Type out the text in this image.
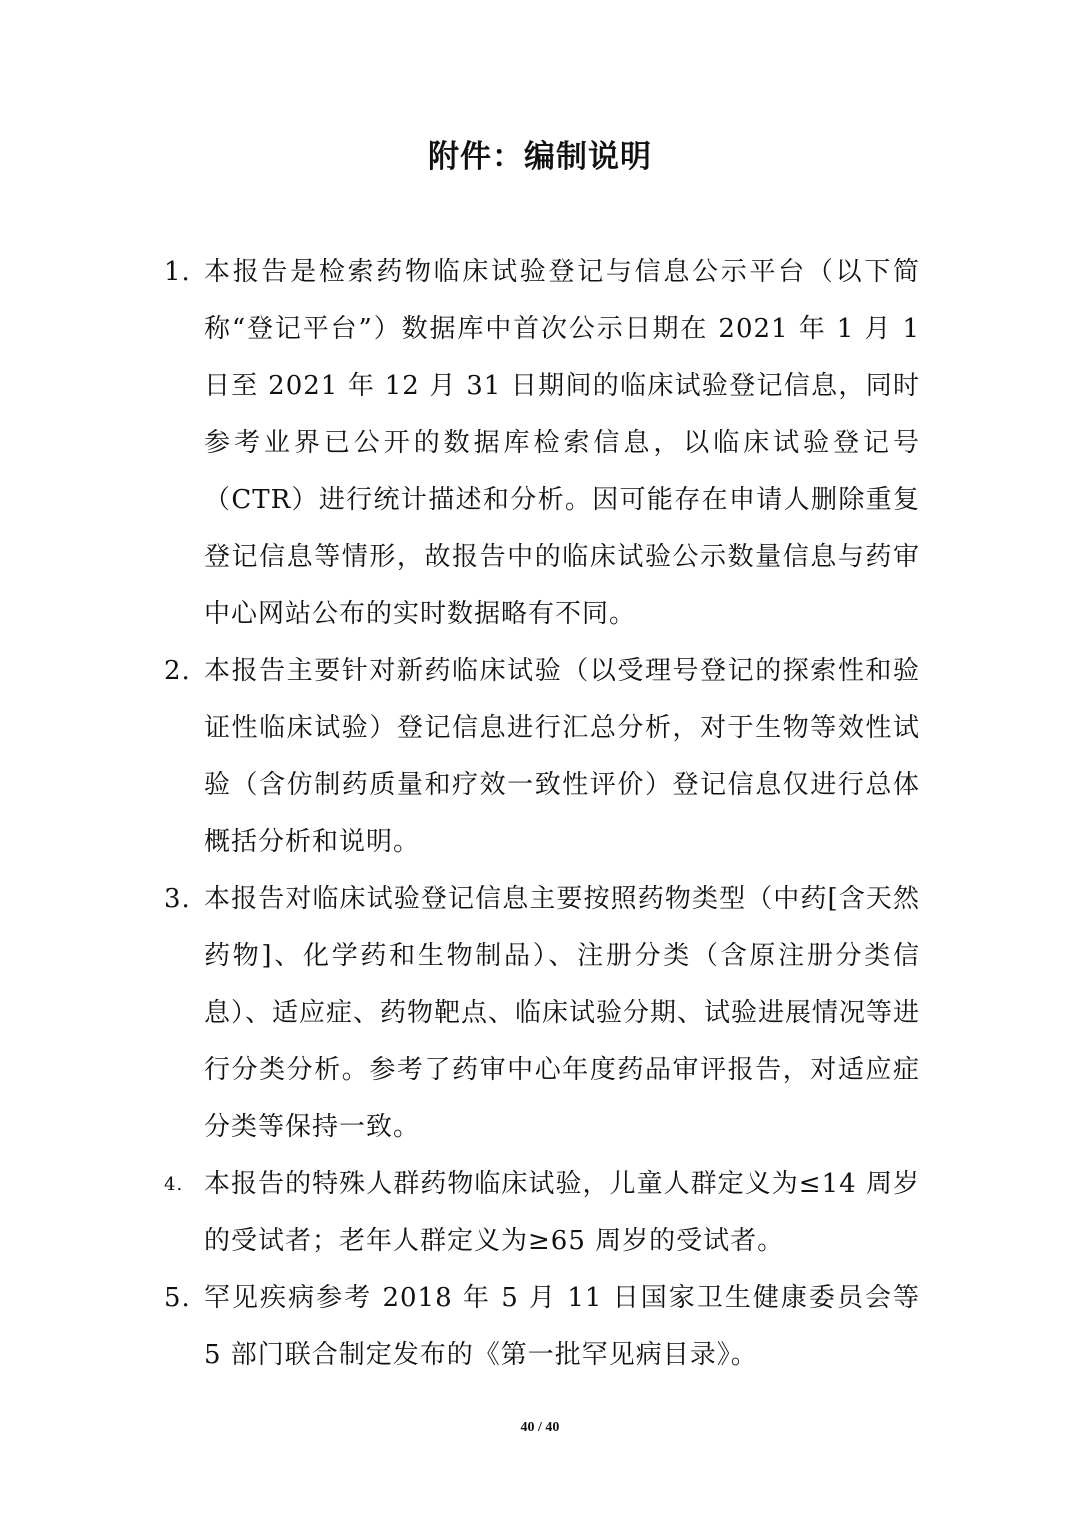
附件：编制说明
1. 本报告是检索药物临床试验登记与信息公示平台（以下简称“登记平台”）数据库中首次公示日期在 2021 年 1 月 1 日至 2021 年 12 月 31 日期间的临床试验登记信息，同时参考业界已公开的数据库检索信息，以临床试验登记号（CTR）进行统计描述和分析。因可能存在申请人删除重复登记信息等情形，故报告中的临床试验公示数量信息与药审中心网站公布的实时数据略有不同。
2. 本报告主要针对新药临床试验（以受理号登记的探索性和验证性临床试验）登记信息进行汇总分析，对于生物等效性试验（含仿制药质量和疗效一致性评价）登记信息仅进行总体概括分析和说明。
3. 本报告对临床试验登记信息主要按照药物类型（中药[含天然药物]、化学药和生物制品）、注册分类（含原注册分类信息）、适应症、药物靶点、临床试验分期、试验进展情况等进行分类分析。参考了药审中心年度药品审评报告，对适应症分类等保持一致。
4. 本报告的特殊人群药物临床试验，儿童人群定义为≤14 周岁的受试者；老年人群定义为≥65 周岁的受试者。
5. 罕见疾病参考 2018 年 5 月 11 日国家卫生健康委员会等 5 部门联合制定发布的《第一批罕见病目录》。
40 / 40
